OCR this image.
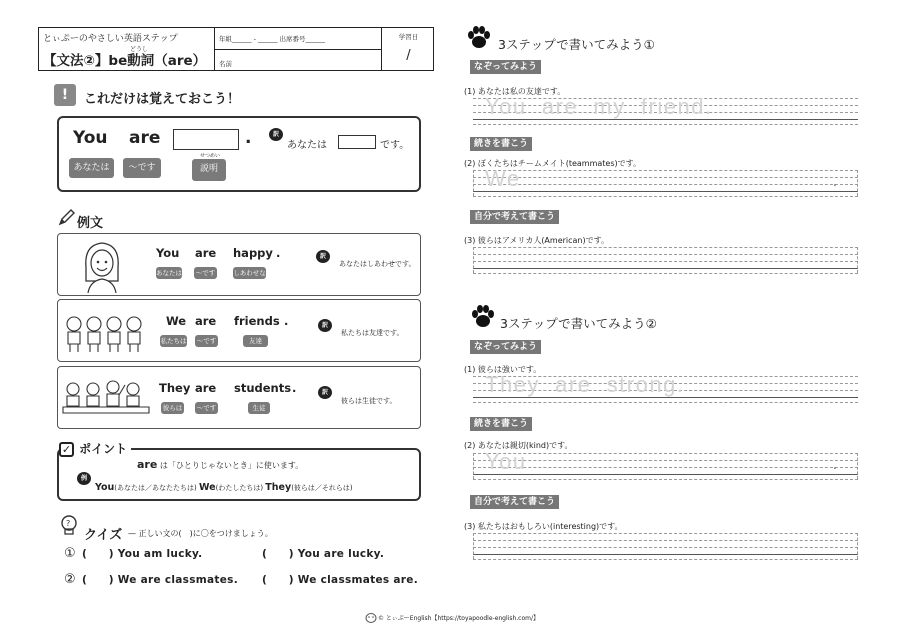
とぃぷーのやさしい英語ステップ
どうし
【文法②】be動詞（are）
年組______ - ______ 出席番号______
名前
学習日
/
!	これだけは覚えておこう！
You are	.	訳
あなたは	です。
あなたは	～です
せつめい
説明
例文
You are happy .
あなたは ～です	しあわせな
訳
あなたはしあわせです。
We are friends .
私たちは ～です	友達
訳
私たちは友達です。
They are students .
彼らは ～です	生徒
訳
彼らは生徒です。
are は「ひとりじゃないとき」に使います。
例
You(あなたは／あなたたちは) We(わたしたちは) They(彼らは／それらは)
✓ ポイント
?
クイズ — 正しい文の(　)に〇をつけましょう。
① (　　) You am lucky.	(　　) You are lucky.
② (　　) We are classmates. (　　) We classmates are.
3ステップで書いてみよう①
なぞってみよう
(1) あなたは私の友達です。
You  are  my  friend.
続きを書こう
(2) ぼくたちはチームメイト(teammates)です。
We	.
自分で考えて書こう
(3) 彼らはアメリカ人(American)です。
3ステップで書いてみよう②
なぞってみよう
(1) 彼らは強いです。
They  are  strong.
続きを書こう
(2) あなたは親切(kind)です。
You	.
自分で考えて書こう
(3) 私たちはおもしろい(interesting)です。
© とぃぷーEnglish【https://toyapoodle-english.com/】
